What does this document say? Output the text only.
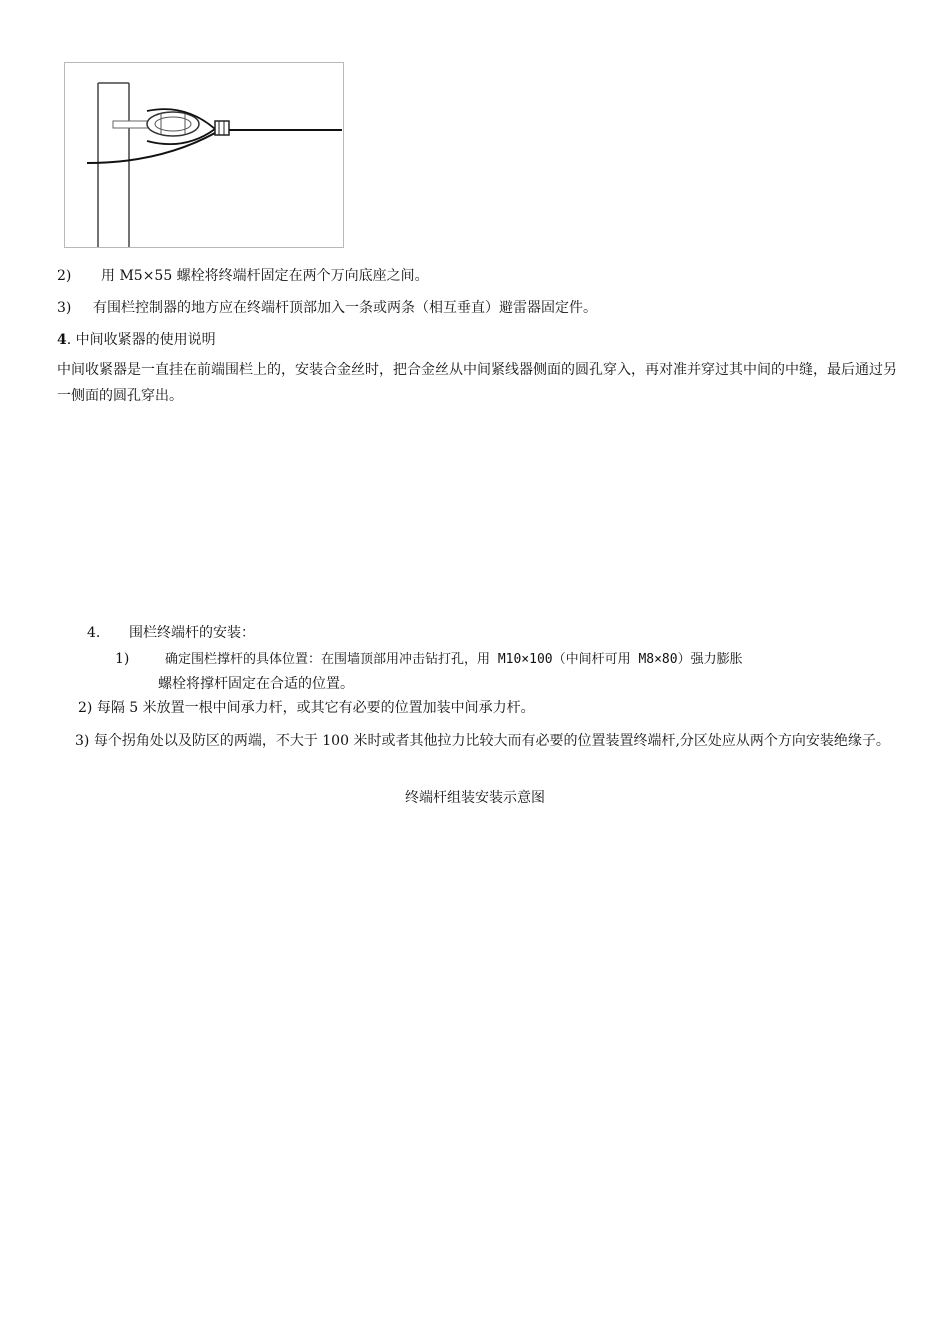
2) 用 M5×55 螺栓将终端杆固定在两个万向底座之间。
3) 有围栏控制器的地方应在终端杆顶部加入一条或两条（相互垂直）避雷器固定件。
4. 中间收紧器的使用说明
中间收紧器是一直挂在前端围栏上的，安装合金丝时，把合金丝从中间紧线器侧面的圆孔穿入，再对准并穿过其中间的中缝，最后通过另一侧面的圆孔穿出。
4. 围栏终端杆的安装：
1)	确定围栏撑杆的具体位置：在围墙顶部用冲击钻打孔，用 M10×100（中间杆可用 M8×80）强力膨胀
螺栓将撑杆固定在合适的位置。
2) 每隔 5 米放置一根中间承力杆，或其它有必要的位置加装中间承力杆。
3) 每个拐角处以及防区的两端，不大于 100 米时或者其他拉力比较大而有必要的位置装置终端杆,分区处应从两个方向安装绝缘子。
终端杆组装安装示意图
